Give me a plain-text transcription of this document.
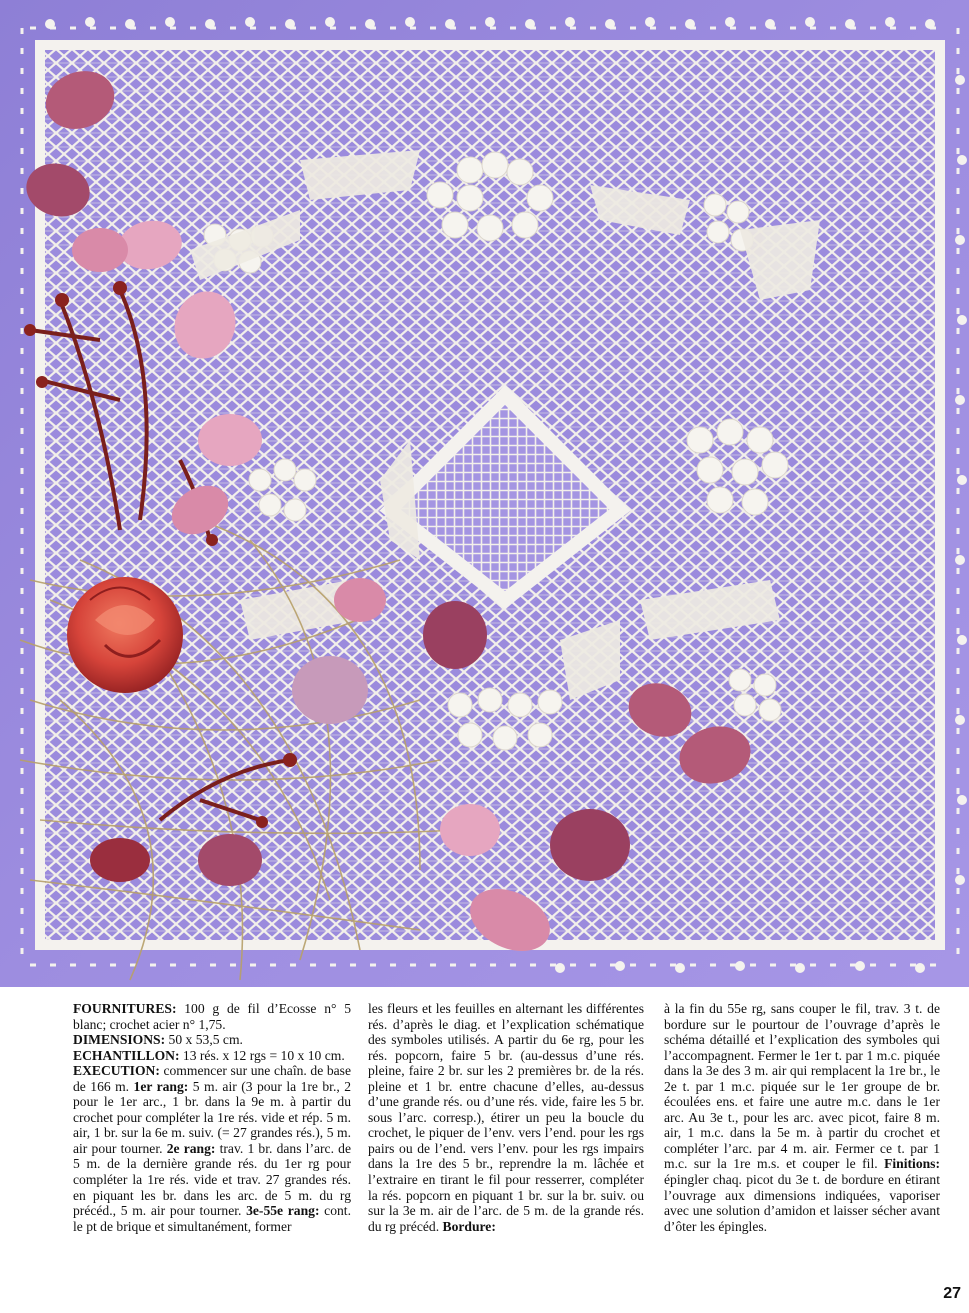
FOURNITURES: 100 g de fil d’Ecosse n° 5 blanc; crochet acier n° 1,75.

DIMENSIONS: 50 x 53,5 cm.

ECHANTILLON: 13 rés. x 12 rgs = 10 x 10 cm.

EXECUTION: commencer sur une chaîn. de base de 166 m. 1er rang: 5 m. air (3 pour la 1re br., 2 pour le 1er arc., 1 br. dans la 9e m. à partir du crochet pour compléter la 1re rés. vide et rép. 5 m. air, 1 br. sur la 6e m. suiv. (= 27 grandes rés.), 5 m. air pour tourner. 2e rang: trav. 1 br. dans l’arc. de 5 m. de la dernière grande rés. du 1er rg pour compléter la 1re rés. vide et trav. 27 grandes rés. en piquant les br. dans les arc. de 5 m. du rg précéd., 5 m. air pour tourner. 3e-55e rang: cont. le pt de brique et simultanément, former

les fleurs et les feuilles en alternant les différentes rés. d’après le diag. et l’explication schématique des symboles utilisés. A partir du 6e rg, pour les rés. popcorn, faire 5 br. (au-dessus d’une rés. pleine, faire 2 br. sur les 2 premières br. de la rés. pleine et 1 br. entre chacune d’elles, au-dessus d’une grande rés. ou d’une rés. vide, faire les 5 br. sous l’arc. corresp.), étirer un peu la boucle du crochet, le piquer de l’env. vers l’end. pour les rgs pairs ou de l’end. vers l’env. pour les rgs impairs dans la 1re des 5 br., reprendre la m. lâchée et l’extraire en tirant le fil pour resserrer, compléter la rés. popcorn en piquant 1 br. sur la br. suiv. ou sur la 3e m. air de l’arc. de 5 m. de la grande rés. du rg précéd. Bordure:

à la fin du 55e rg, sans couper le fil, trav. 3 t. de bordure sur le pourtour de l’ouvrage d’après le schéma détaillé et l’explication des symboles qui l’accompagnent. Fermer le 1er t. par 1 m.c. piquée dans la 3e des 3 m. air qui remplacent la 1re br., le 2e t. par 1 m.c. piquée sur le 1er groupe de br. écoulées ens. et faire une autre m.c. dans le 1er arc. Au 3e t., pour les arc. avec picot, faire 8 m. air, 1 m.c. dans la 5e m. à partir du crochet et compléter l’arc. par 4 m. air. Fermer ce t. par 1 m.c. sur la 1re m.s. et couper le fil. Finitions: épingler chaq. picot du 3e t. de bordure en étirant l’ouvrage aux dimensions indiquées, vaporiser avec une solution d’amidon et laisser sécher avant d’ôter les épingles.

27
